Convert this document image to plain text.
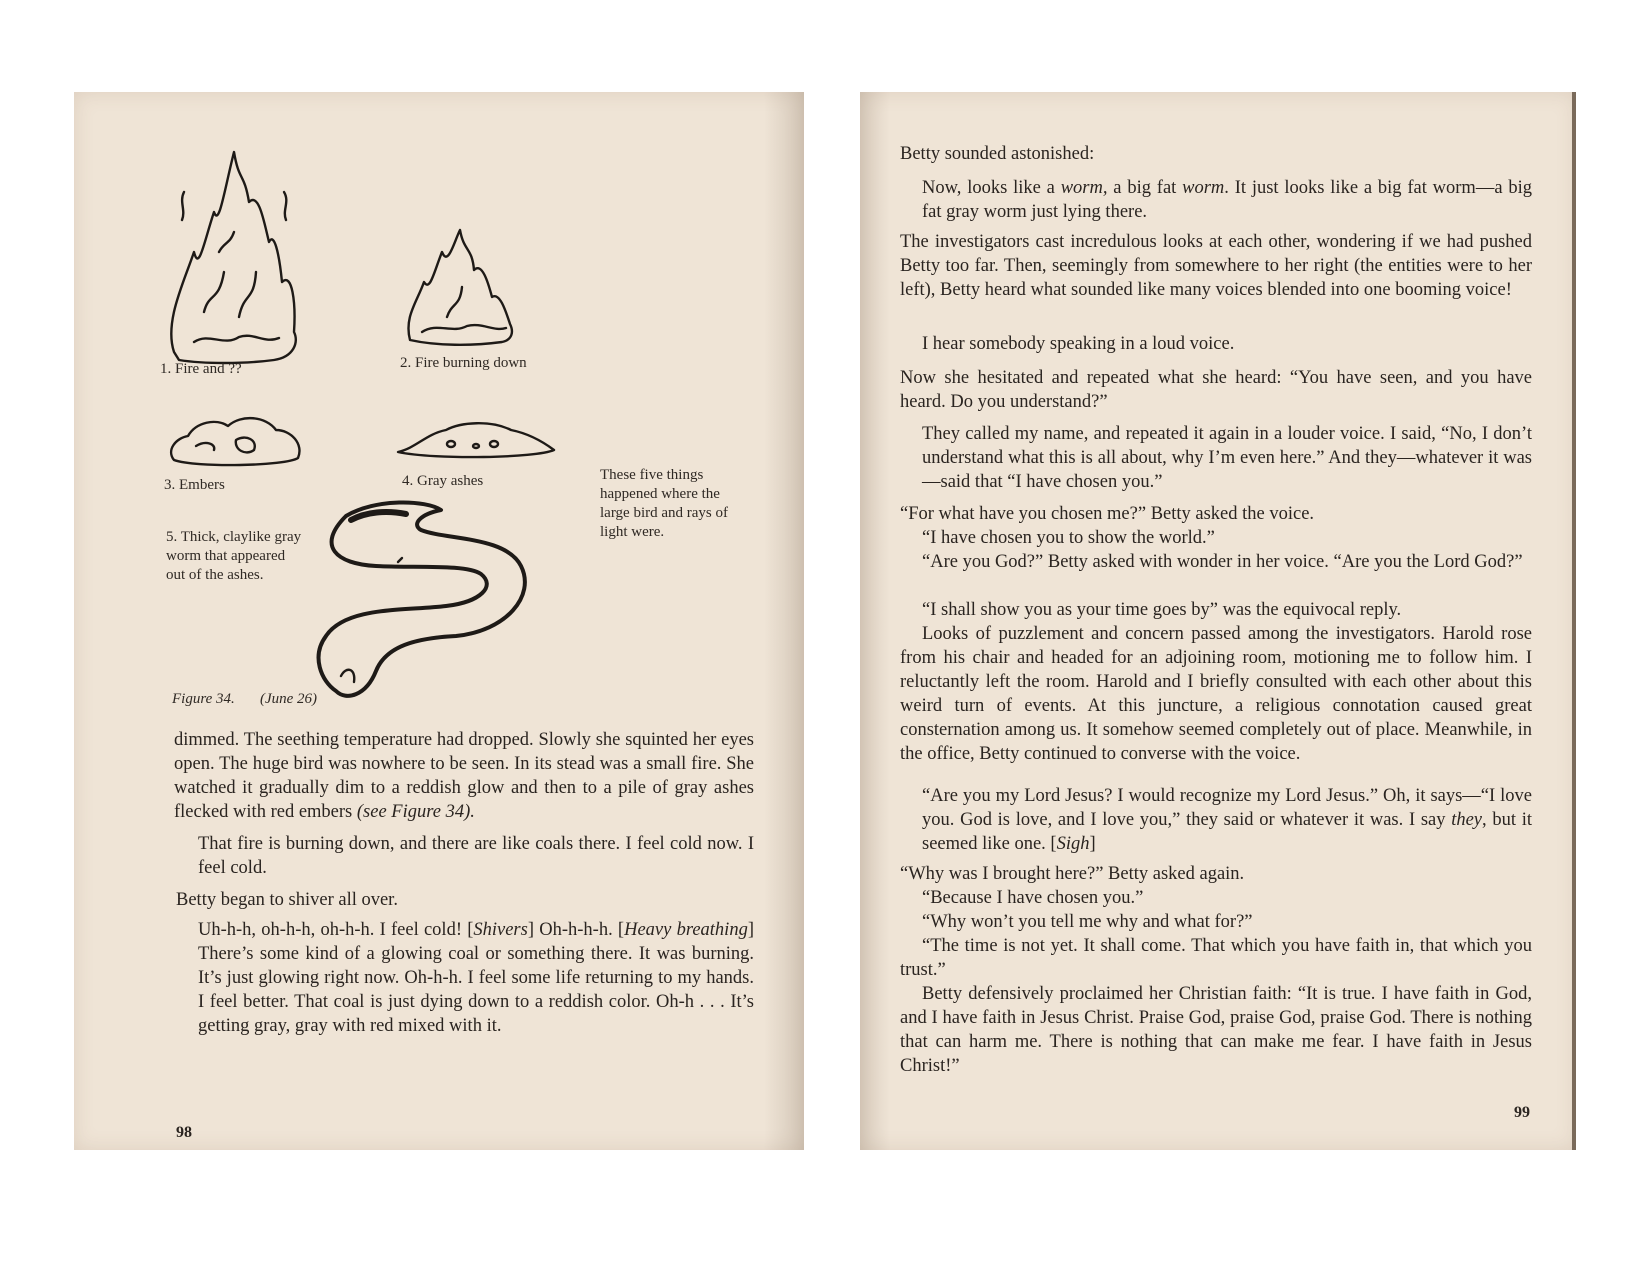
1. Fire and ??	2. Fire burning down
3. Embers	4. Gray ashes	These five things happened where the large bird and rays of light were.
5. Thick, claylike gray worm that appeared out of the ashes.
Figure 34. (June 26)
dimmed. The seething temperature had dropped. Slowly she squinted her eyes open. The huge bird was nowhere to be seen. In its stead was a small fire. She watched it gradually dim to a reddish glow and then to a pile of gray ashes flecked with red embers (see Figure 34).
That fire is burning down, and there are like coals there. I feel cold now. I feel cold.
Betty began to shiver all over.
Uh-h-h, oh-h-h, oh-h-h. I feel cold! [Shivers] Oh-h-h-h. [Heavy breathing] There’s some kind of a glowing coal or something there. It was burning. It’s just glowing right now. Oh-h-h. I feel some life returning to my hands. I feel better. That coal is just dying down to a reddish color. Oh-h . . . It’s getting gray, gray with red mixed with it.
98
Betty sounded astonished:
Now, looks like a worm, a big fat worm. It just looks like a big fat worm—a big fat gray worm just lying there.
The investigators cast incredulous looks at each other, wondering if we had pushed Betty too far. Then, seemingly from somewhere to her right (the entities were to her left), Betty heard what sounded like many voices blended into one booming voice!
I hear somebody speaking in a loud voice.
Now she hesitated and repeated what she heard: “You have seen, and you have heard. Do you understand?”
They called my name, and repeated it again in a louder voice. I said, “No, I don’t understand what this is all about, why I’m even here.” And they—whatever it was—said that “I have chosen you.”
“For what have you chosen me?” Betty asked the voice.
“I have chosen you to show the world.”
“Are you God?” Betty asked with wonder in her voice. “Are you the Lord God?”
“I shall show you as your time goes by” was the equivocal reply.
Looks of puzzlement and concern passed among the investigators. Harold rose from his chair and headed for an adjoining room, motioning me to follow him. I reluctantly left the room. Harold and I briefly consulted with each other about this weird turn of events. At this juncture, a religious connotation caused great consternation among us. It somehow seemed completely out of place. Meanwhile, in the office, Betty continued to converse with the voice.
“Are you my Lord Jesus? I would recognize my Lord Jesus.” Oh, it says—“I love you. God is love, and I love you,” they said or whatever it was. I say they, but it seemed like one. [Sigh]
“Why was I brought here?” Betty asked again.
“Because I have chosen you.”
“Why won’t you tell me why and what for?”
“The time is not yet. It shall come. That which you have faith in, that which you trust.”
Betty defensively proclaimed her Christian faith: “It is true. I have faith in God, and I have faith in Jesus Christ. Praise God, praise God, praise God. There is nothing that can harm me. There is nothing that can make me fear. I have faith in Jesus Christ!”
99
